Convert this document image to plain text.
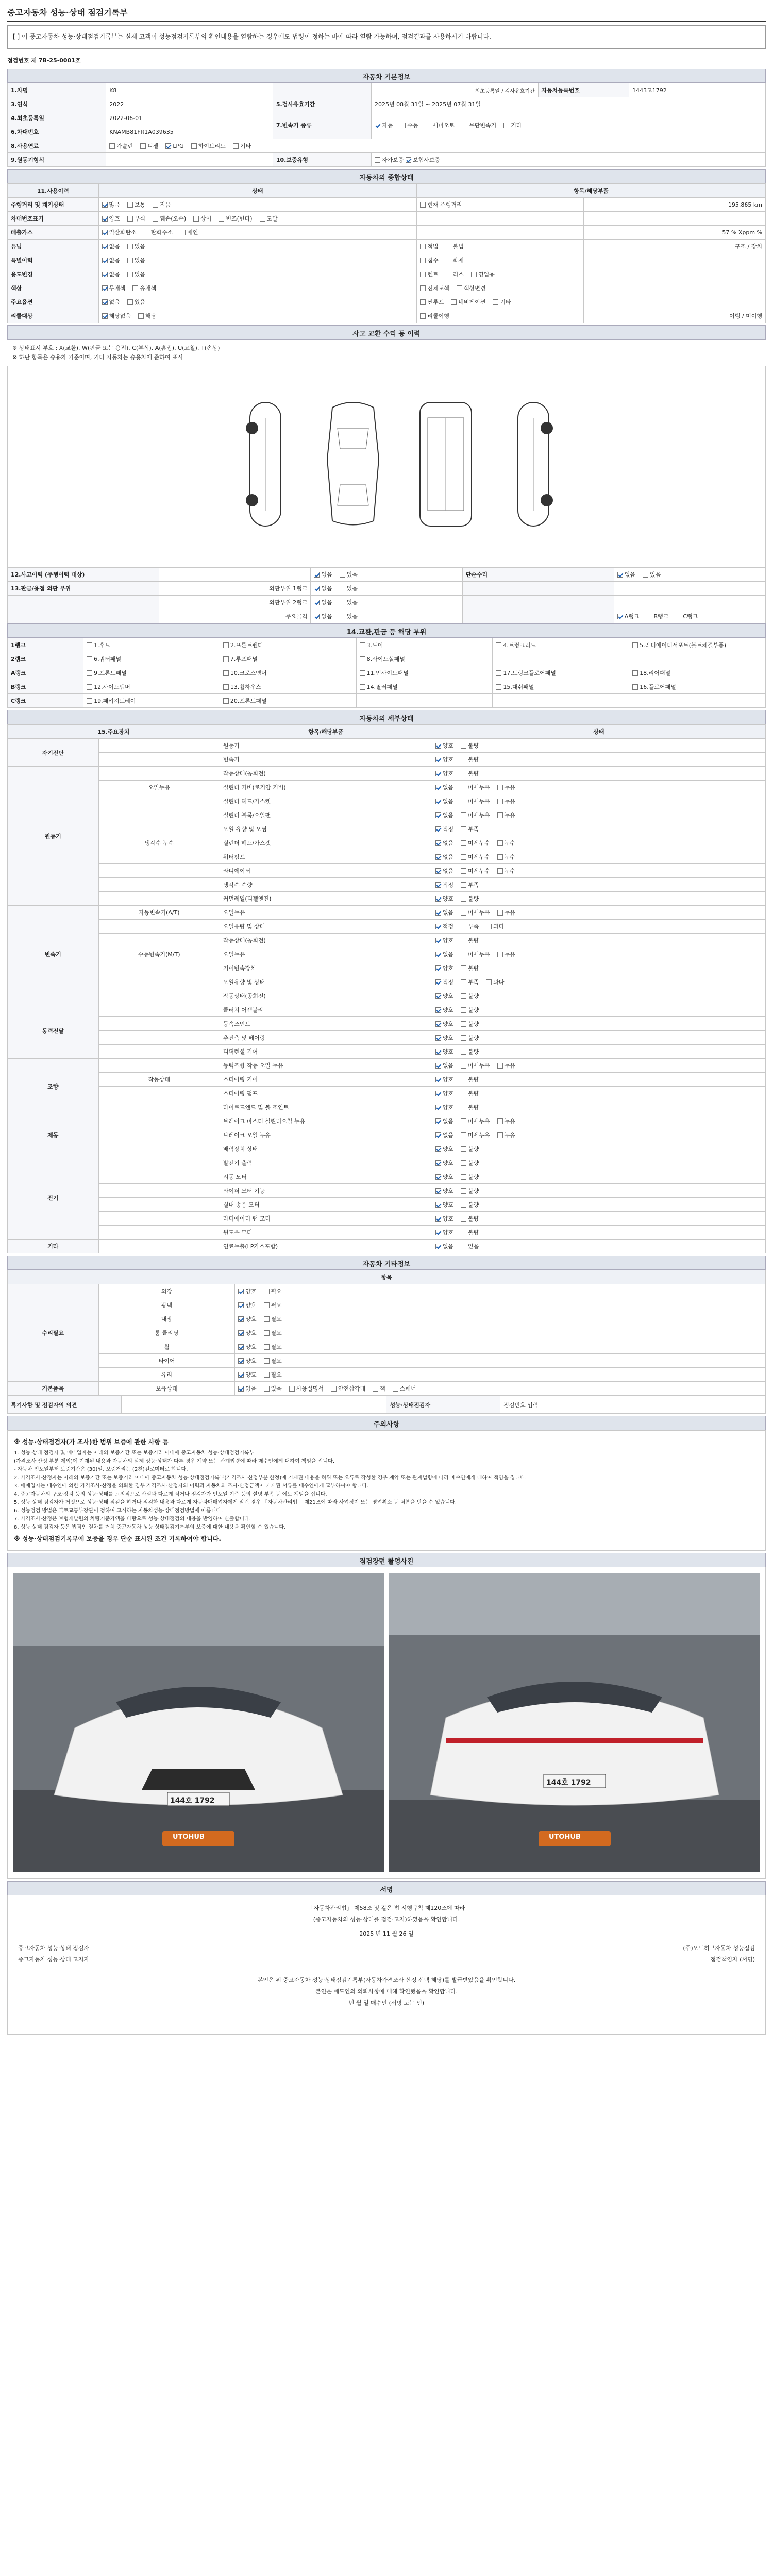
중고자동차 성능·상태 점검기록부
[ ] 이 중고자동차 성능·상태점검기록부는 실제 고객이 성능점검기록부의 확인내용을 열람하는 경우에도 법령이 정하는 바에 따라 열람 가능하며, 점검결과를 사용하시기 바랍니다.
점검번호 제 7B-25-0001호
자동차 기본정보
1.차명	K8		최초등록일 / 검사유효기간	자동차등록번호	1443고1792
3.연식	2022	5.검사유효기간	2025년 08월 31일 ~ 2025년 07월 31일		
4.최초등록일	2022-06-01	7.변속기 종류	자동 수동 세미오토 무단변속기 기타		
6.차대번호	KNAMB81FR1A039635				
8.사용연료	가솔린 디젤 LPG 하이브리드 기타				
9.원동기형식		10.보증유형	자가보증 보험사보증		
자동차의 종합상태
11.사용이력	상태	항목/해당부품	
주행거리 및 계기상태	많음 보통 적음	현재 주행거리	195,865 km
차대번호표기	양호 부식 훼손(오손) 상이 변조(변타) 도말		
배출가스	일산화탄소 탄화수소 매연		57 % Xppm %
튜닝	없음 있음	적법 불법	구조 / 장치
특별이력	없음 있음	침수 화재	
용도변경	없음 있음	렌트 리스 영업용	
색상	무채색 유채색	전체도색 색상변경	
주요옵션	없음 있음	썬루프 네비게이션 기타	
리콜대상	해당없음 해당	리콜이행	이행 / 미이행
사고 교환 수리 등 이력
※ 상태표시 부호 : X(교환), W(판금 또는 용접), C(부식), A(흠집), U(요철), T(손상)
※ 하단 항목은 승용차 기준이며, 기타 자동차는 승용차에 준하여 표시
12.사고이력 (주행이력 대상)		없음 있음	단순수리	없음 있음
13.판금/용접 외판 부위	외판부위 1랭크	없음 있음		
	외판부위 2랭크	없음 있음		
	주요골격	없음 있음		A랭크 B랭크 C랭크
14.교환,판금 등 해당 부위
1랭크	1.후드	2.프론트펜더	3.도어	4.트렁크리드	5.라디에이터서포트(볼트체결부품)
2랭크	6.쿼터패널	7.루프패널	8.사이드실패널		
A랭크	9.프론트패널	10.크로스멤버	11.인사이드패널	17.트렁크플로어패널	18.리어패널
B랭크	12.사이드멤버	13.휠하우스	14.필러패널	15.대쉬패널	16.플로어패널
C랭크	19.패키지트레이	20.프론트패널			
자동차의 세부상태
15.주요장치		항목/해당부품	상태
자기진단		원동기	양호 불량
		변속기	양호 불량
원동기		작동상태(공회전)	양호 불량
	오일누유	실린더 커버(로커암 커버)	없음 미세누유 누유
		실린더 헤드/가스켓	없음 미세누유 누유
		실린더 블록/오일팬	없음 미세누유 누유
		오일 유량 및 오염	적정 부족
	냉각수 누수	실린더 헤드/가스켓	없음 미세누수 누수
		워터펌프	없음 미세누수 누수
		라디에이터	없음 미세누수 누수
		냉각수 수량	적정 부족
		커먼레일(디젤엔진)	양호 불량
변속기	자동변속기(A/T)	오일누유	없음 미세누유 누유
		오일유량 및 상태	적정 부족 과다
		작동상태(공회전)	양호 불량
	수동변속기(M/T)	오일누유	없음 미세누유 누유
		기어변속장치	양호 불량
		오일유량 및 상태	적정 부족 과다
		작동상태(공회전)	양호 불량
동력전달		클러치 어셈블리	양호 불량
		등속조인트	양호 불량
		추진축 및 베어링	양호 불량
		디퍼렌셜 기어	양호 불량
조향		동력조향 작동 오일 누유	없음 미세누유 누유
	작동상태	스티어링 기어	양호 불량
		스티어링 펌프	양호 불량
		타이로드엔드 및 볼 조인트	양호 불량
제동		브레이크 마스터 실린더오일 누유	없음 미세누유 누유
		브레이크 오일 누유	없음 미세누유 누유
		배력장치 상태	양호 불량
전기		발전기 출력	양호 불량
		시동 모터	양호 불량
		와이퍼 모터 기능	양호 불량
		실내 송풍 모터	양호 불량
		라디에이터 팬 모터	양호 불량
		윈도우 모터	양호 불량
기타		연료누출(LP가스포함)	없음 있음
자동차 기타정보
항목		
수리필요	외장	양호 필요
	광택	양호 필요
	내장	양호 필요
	룸 클리닝	양호 필요
	휠	양호 필요
	타이어	양호 필요
	유리	양호 필요
기본품목	보유상태	없음 있음 사용설명서 안전삼각대 잭 스패너
특기사항 및 점검자의 의견		성능·상태점검자	점검번호 입력
주의사항
※ 성능·상태점검자(가 조사)한 범위 보증에 관한 사항 등
1. 성능·상태 점검자 및 매매업자는 아래의 보증기간 또는 보증거리 이내에 중고자동차 성능·상태점검기록부
(가격조사·산정 부분 제외)에 기재된 내용과 자동차의 실제 성능·상태가 다른 경우 계약 또는 관계법령에 따라 매수인에게 대하여 책임을 집니다.
- 자동차 인도일부터 보증기간은 (30)일, 보증거리는 (2천)킬로미터로 합니다.
2. 가격조사·산정자는 아래의 보증기간 또는 보증거리 이내에 중고자동차 성능·상태점검기록부(가격조사·산정부분 한정)에 기재된 내용을 허위 또는 오류로 작성한 경우 계약 또는 관계법령에 따라 매수인에게 대하여 책임을 집니다.
3. 매매업자는 매수인에 의한 가격조사·산정을 의뢰한 경우 가격조사·산정자의 이력과 자동차의 조사·산정금액이 기재된 서류를 매수인에게 교부하여야 합니다.
4. 중고자동차의 구조·장치 등의 성능·상태를 고의적으로 사실과 다르게 적거나 점검자가 인도일 기준 등의 설명 부족 등 에도 책임을 집니다.
5. 성능·상태 점검자가 거짓으로 성능·상태 점검을 하거나 점검한 내용과 다르게 자동차매매업자에게 알린 경우 「자동차관리법」 제21조에 따라 사업정지 또는 영업취소 등 처분을 받을 수 있습니다.
6. 성능점검 방법은 국토교통부장관이 정하여 고시하는 자동차성능·상태점검방법에 따릅니다.
7. 가격조사·산정은 보험개발원의 차량기준가액을 바탕으로 성능·상태점검의 내용을 반영하여 산출합니다.
8. 성능·상태 점검자 등은 법적인 절차를 거쳐 중고자동차 성능·상태점검기록부의 보증에 대한 내용을 확인할 수 있습니다.
※ 성능·상태점검기록부에 보증을 경우 단순 표시된 조건 기록하여야 합니다.
점검장면 촬영사진
144호 1792
UTOHUB
144호 1792
UTOHUB
서명
「자동차관리법」 제58조 및 같은 법 시행규칙 제120조에 따라
(중고자동차의 성능·상태를 점검·고지)하였음을 확인합니다.
2025 년 11 월 26 일
중고자동차 성능·상태 점검자	(주)오토허브자동차 성능점검
중고자동차 성능·상태 고지자	점검책임자 (서명)
본인은 위 중고자동차 성능·상태점검기록부(자동차가격조사·산정 선택 해당)를 발급받았음을 확인합니다.
본인은 매도인의 의뢰사항에 대해 확인했음을 확인합니다.
년 월 일 매수인 (서명 또는 인)
